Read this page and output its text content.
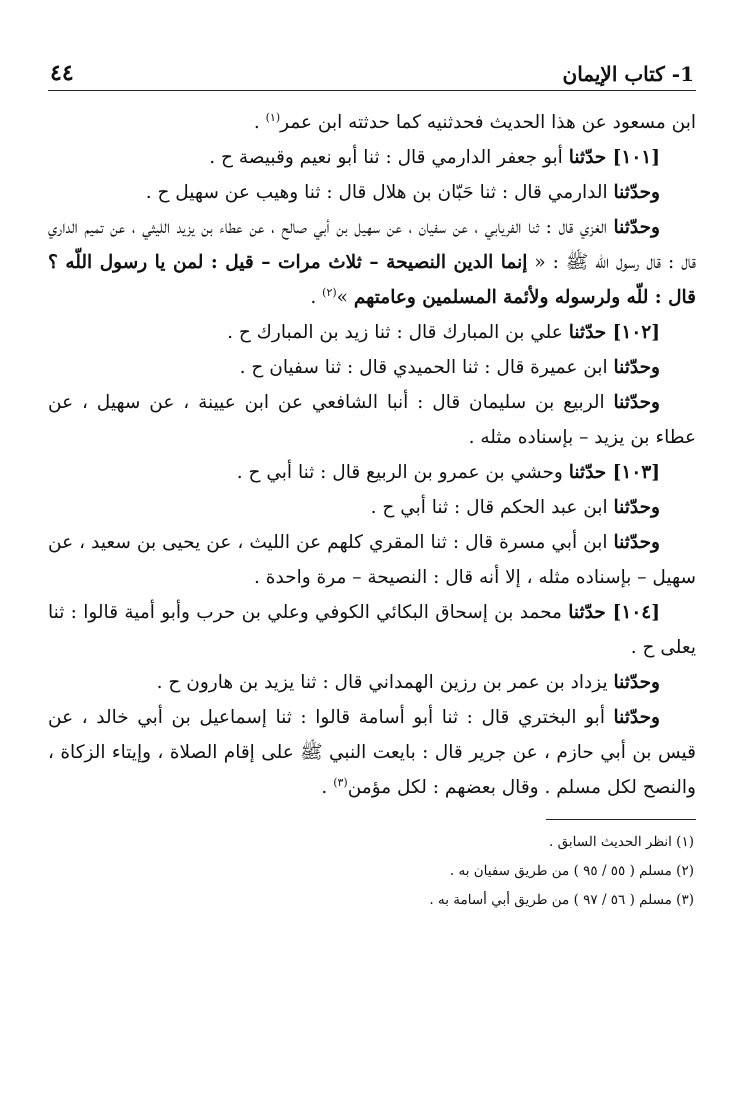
1- كتاب الإيمان
٤٤

ابن مسعود عن هذا الحديث فحدثنيه كما حدثته ابن عمر$^{(١)}$ .

[١٠١] حدّثنا أبو جعفر الدارمي قال : ثنا أبو نعيم وقبيصة ح .

وحدّثنا الدارمي قال : ثنا حَبّان بن هلال قال : ثنا وهيب عن سهيل ح .

وحدّثنا الغزي قال : ثنا الفريابي ، عن سفيان ، عن سهيل بن أبي صالح ، عن عطاء بن يزيد الليثي ، عن تميم الداري قال : قال رسول اللّه ﷺ : « إنما الدين النصيحة – ثلاث مرات – قيل : لمن يا رسول اللّه ؟ قال : للّه ولرسوله ولأئمة المسلمين وعامتهم »$^{(٢)}$ .

[١٠٢] حدّثنا علي بن المبارك قال : ثنا زيد بن المبارك ح .

وحدّثنا ابن عميرة قال : ثنا الحميدي قال : ثنا سفيان ح .

وحدّثنا الربيع بن سليمان قال : أنبا الشافعي عن ابن عيينة ، عن سهيل ، عن عطاء بن يزيد – بإسناده مثله .

[١٠٣] حدّثنا وحشي بن عمرو بن الربيع قال : ثنا أبي ح .

وحدّثنا ابن عبد الحكم قال : ثنا أبي ح .

وحدّثنا ابن أبي مسرة قال : ثنا المقري كلهم عن الليث ، عن يحيى بن سعيد ، عن سهيل – بإسناده مثله ، إلا أنه قال : النصيحة – مرة واحدة .

[١٠٤] حدّثنا محمد بن إسحاق البكائي الكوفي وعلي بن حرب وأبو أمية قالوا : ثنا يعلى ح .

وحدّثنا يزداد بن عمر بن رزين الهمداني قال : ثنا يزيد بن هارون ح .

وحدّثنا أبو البختري قال : ثنا أبو أسامة قالوا : ثنا إسماعيل بن أبي خالد ، عن قيس بن أبي حازم ، عن جرير قال : بايعت النبي ﷺ على إقام الصلاة ، وإيتاء الزكاة ، والنصح لكل مسلم . وقال بعضهم : لكل مؤمن$^{(٣)}$ .

(١) انظر الحديث السابق .
(٢) مسلم ( ٥٥ / ٩٥ ) من طريق سفيان به .
(٣) مسلم ( ٥٦ / ٩٧ ) من طريق أبي أسامة به .
